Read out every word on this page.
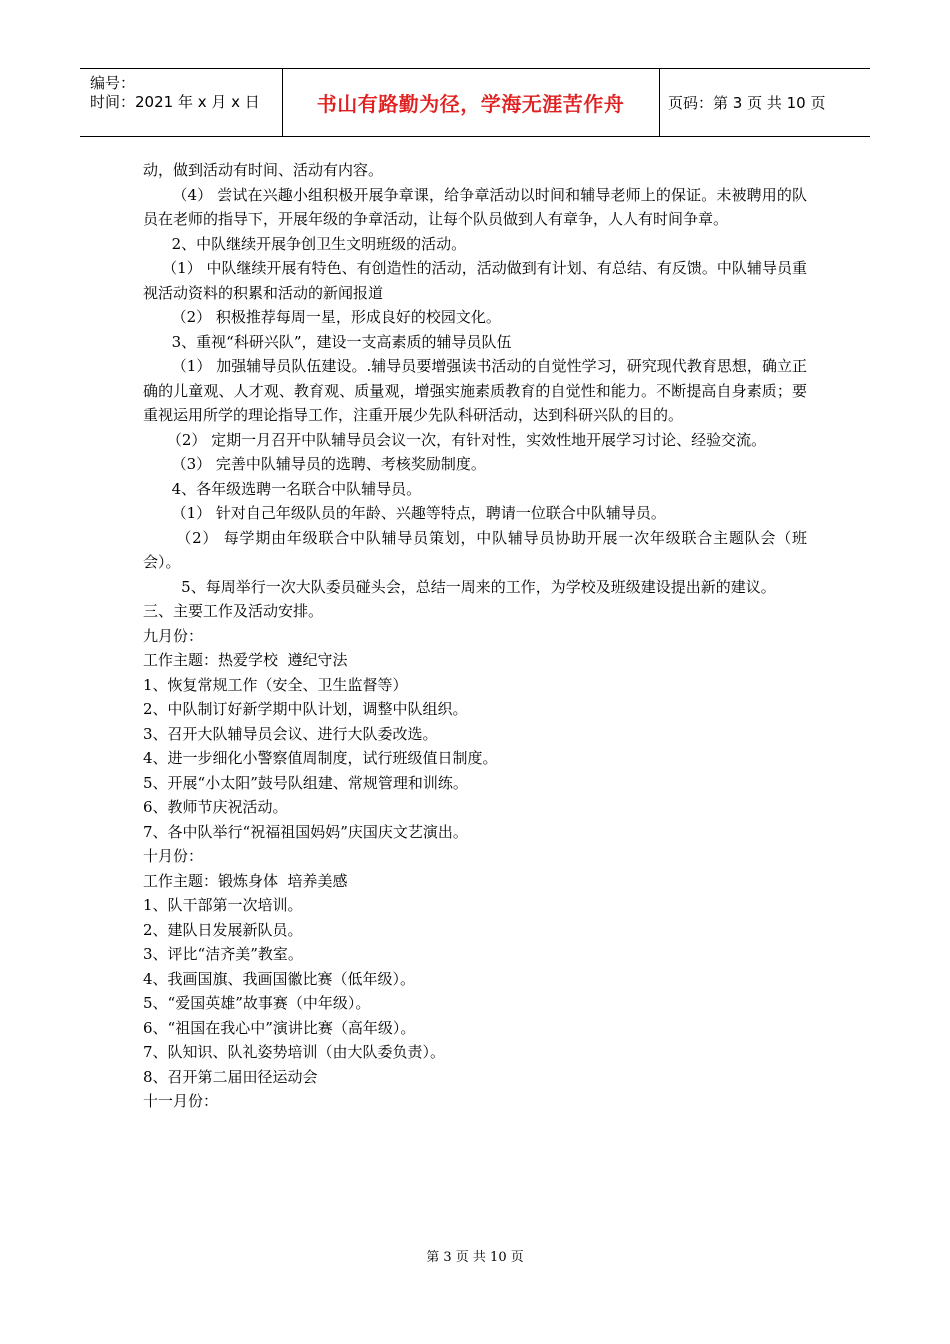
编号：
时间：2021 年 x 月 x 日	书山有路勤为径，学海无涯苦作舟	页码：第 3 页 共 10 页

动，做到活动有时间、活动有内容。

（4） 尝试在兴趣小组积极开展争章课，给争章活动以时间和辅导老师上的保证。未被聘用的队员在老师的指导下，开展年级的争章活动，让每个队员做到人有章争，人人有时间争章。

2、中队继续开展争创卫生文明班级的活动。

（1） 中队继续开展有特色、有创造性的活动，活动做到有计划、有总结、有反馈。中队辅导员重视活动资料的积累和活动的新闻报道

（2） 积极推荐每周一星，形成良好的校园文化。

3、重视“科研兴队”，建设一支高素质的辅导员队伍

（1） 加强辅导员队伍建设。.辅导员要增强读书活动的自觉性学习，研究现代教育思想，确立正确的儿童观、人才观、教育观、质量观，增强实施素质教育的自觉性和能力。不断提高自身素质；要重视运用所学的理论指导工作，注重开展少先队科研活动，达到科研兴队的目的。

（2） 定期一月召开中队辅导员会议一次，有针对性，实效性地开展学习讨论、经验交流。

（3） 完善中队辅导员的选聘、考核奖励制度。

4、各年级选聘一名联合中队辅导员。

（1） 针对自己年级队员的年龄、兴趣等特点，聘请一位联合中队辅导员。

（2） 每学期由年级联合中队辅导员策划，中队辅导员协助开展一次年级联合主题队会（班会）。

5、每周举行一次大队委员碰头会，总结一周来的工作，为学校及班级建设提出新的建议。

三、主要工作及活动安排。

九月份：

工作主题：热爱学校  遵纪守法

1、恢复常规工作（安全、卫生监督等）

2、中队制订好新学期中队计划，调整中队组织。

3、召开大队辅导员会议、进行大队委改选。

4、进一步细化小警察值周制度，试行班级值日制度。

5、开展“小太阳”鼓号队组建、常规管理和训练。

6、教师节庆祝活动。

7、各中队举行“祝福祖国妈妈”庆国庆文艺演出。

十月份：

工作主题：锻炼身体  培养美感

1、队干部第一次培训。

2、建队日发展新队员。

3、评比“洁齐美”教室。

4、我画国旗、我画国徽比赛（低年级）。

5、“爱国英雄”故事赛（中年级）。

6、“祖国在我心中”演讲比赛（高年级）。

7、队知识、队礼姿势培训（由大队委负责）。

8、召开第二届田径运动会

十一月份：

第 3 页 共 10 页
